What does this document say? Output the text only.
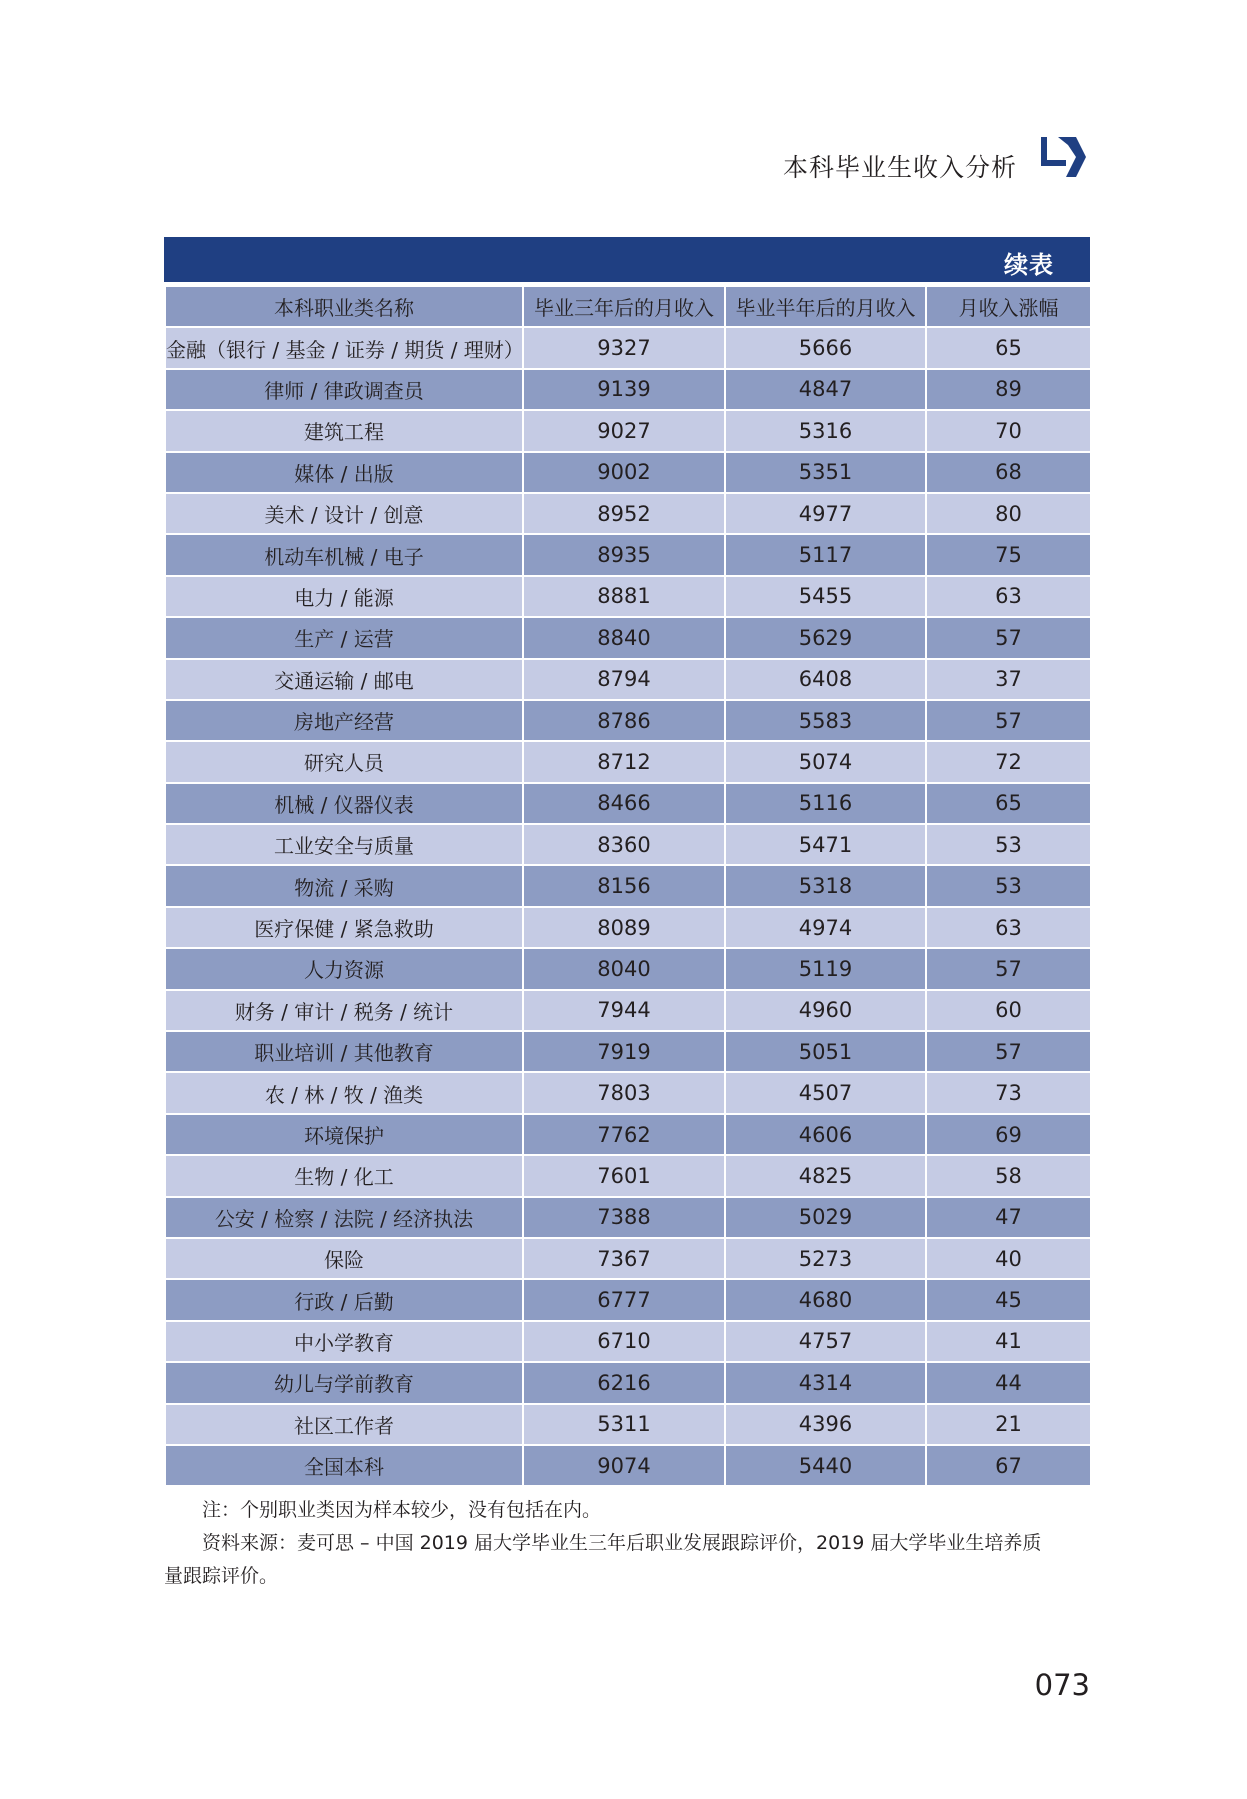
本科毕业生收入分析
续表
本科职业类名称	毕业三年后的月收入	毕业半年后的月收入	月收入涨幅
金融（银行 / 基金 / 证券 / 期货 / 理财）	9327	5666	65
律师 / 律政调查员	9139	4847	89
建筑工程	9027	5316	70
媒体 / 出版	9002	5351	68
美术 / 设计 / 创意	8952	4977	80
机动车机械 / 电子	8935	5117	75
电力 / 能源	8881	5455	63
生产 / 运营	8840	5629	57
交通运输 / 邮电	8794	6408	37
房地产经营	8786	5583	57
研究人员	8712	5074	72
机械 / 仪器仪表	8466	5116	65
工业安全与质量	8360	5471	53
物流 / 采购	8156	5318	53
医疗保健 / 紧急救助	8089	4974	63
人力资源	8040	5119	57
财务 / 审计 / 税务 / 统计	7944	4960	60
职业培训 / 其他教育	7919	5051	57
农 / 林 / 牧 / 渔类	7803	4507	73
环境保护	7762	4606	69
生物 / 化工	7601	4825	58
公安 / 检察 / 法院 / 经济执法	7388	5029	47
保险	7367	5273	40
行政 / 后勤	6777	4680	45
中小学教育	6710	4757	41
幼儿与学前教育	6216	4314	44
社区工作者	5311	4396	21
全国本科	9074	5440	67

注：个别职业类因为样本较少，没有包括在内。

资料来源：麦可思 – 中国 2019 届大学毕业生三年后职业发展跟踪评价，2019 届大学毕业生培养质

量跟踪评价。

073
